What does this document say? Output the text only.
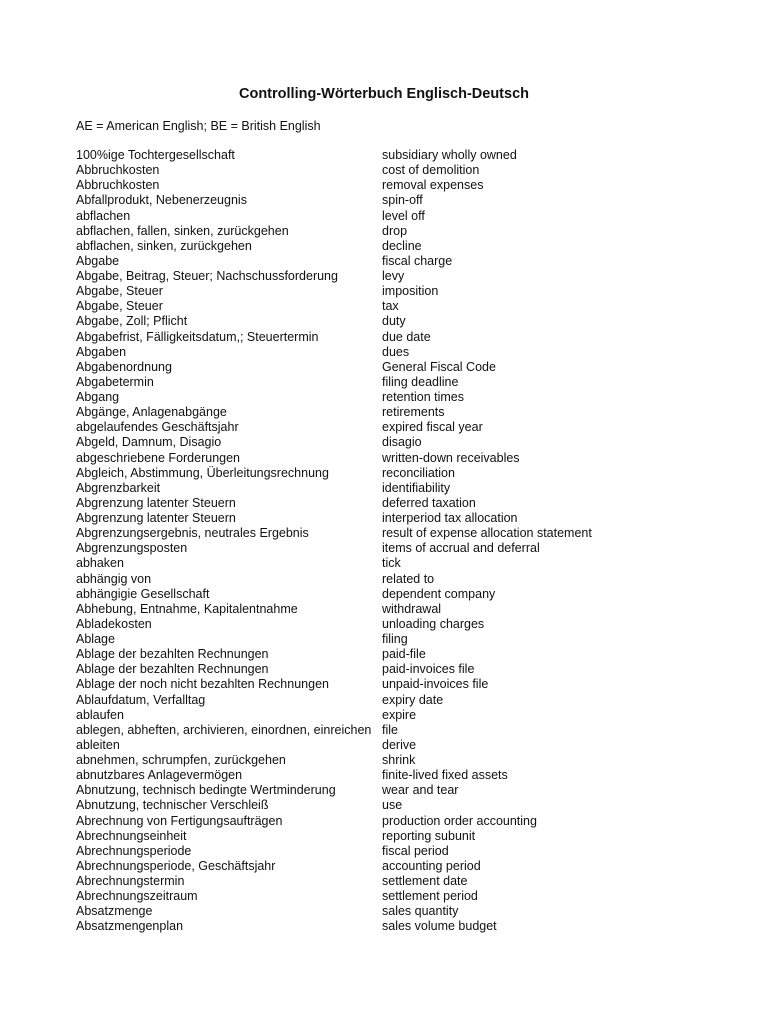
Controlling-Wörterbuch Englisch-Deutsch

AE = American English; BE = British English

100%ige Tochtergesellschaft	subsidiary wholly owned
Abbruchkosten	cost of demolition
Abbruchkosten	removal expenses
Abfallprodukt, Nebenerzeugnis	spin-off
abflachen	level off
abflachen, fallen, sinken, zurückgehen	drop
abflachen, sinken, zurückgehen	decline
Abgabe	fiscal charge
Abgabe, Beitrag, Steuer; Nachschussforderung	levy
Abgabe, Steuer	imposition
Abgabe, Steuer	tax
Abgabe, Zoll; Pflicht	duty
Abgabefrist, Fälligkeitsdatum,; Steuertermin	due date
Abgaben	dues
Abgabenordnung	General Fiscal Code
Abgabetermin	filing deadline
Abgang	retention times
Abgänge, Anlagenabgänge	retirements
abgelaufendes Geschäftsjahr	expired fiscal year
Abgeld, Damnum, Disagio	disagio
abgeschriebene Forderungen	written-down receivables
Abgleich, Abstimmung, Überleitungsrechnung	reconciliation
Abgrenzbarkeit	identifiability
Abgrenzung latenter Steuern	deferred taxation
Abgrenzung latenter Steuern	interperiod tax allocation
Abgrenzungsergebnis, neutrales Ergebnis	result of expense allocation statement
Abgrenzungsposten	items of accrual and deferral
abhaken	tick
abhängig von	related to
abhängigie Gesellschaft	dependent company
Abhebung, Entnahme, Kapitalentnahme	withdrawal
Abladekosten	unloading charges
Ablage	filing
Ablage der bezahlten Rechnungen	paid-file
Ablage der bezahlten Rechnungen	paid-invoices file
Ablage der noch nicht bezahlten Rechnungen	unpaid-invoices file
Ablaufdatum, Verfalltag	expiry date
ablaufen	expire
ablegen, abheften, archivieren, einordnen, einreichen file
ableiten	derive
abnehmen, schrumpfen, zurückgehen	shrink
abnutzbares Anlagevermögen	finite-lived fixed assets
Abnutzung, technisch bedingte Wertminderung	wear and tear
Abnutzung, technischer Verschleiß	use
Abrechnung von Fertigungsaufträgen	production order accounting
Abrechnungseinheit	reporting subunit
Abrechnungsperiode	fiscal period
Abrechnungsperiode, Geschäftsjahr	accounting period
Abrechnungstermin	settlement date
Abrechnungszeitraum	settlement period
Absatzmenge	sales quantity
Absatzmengenplan	sales volume budget
